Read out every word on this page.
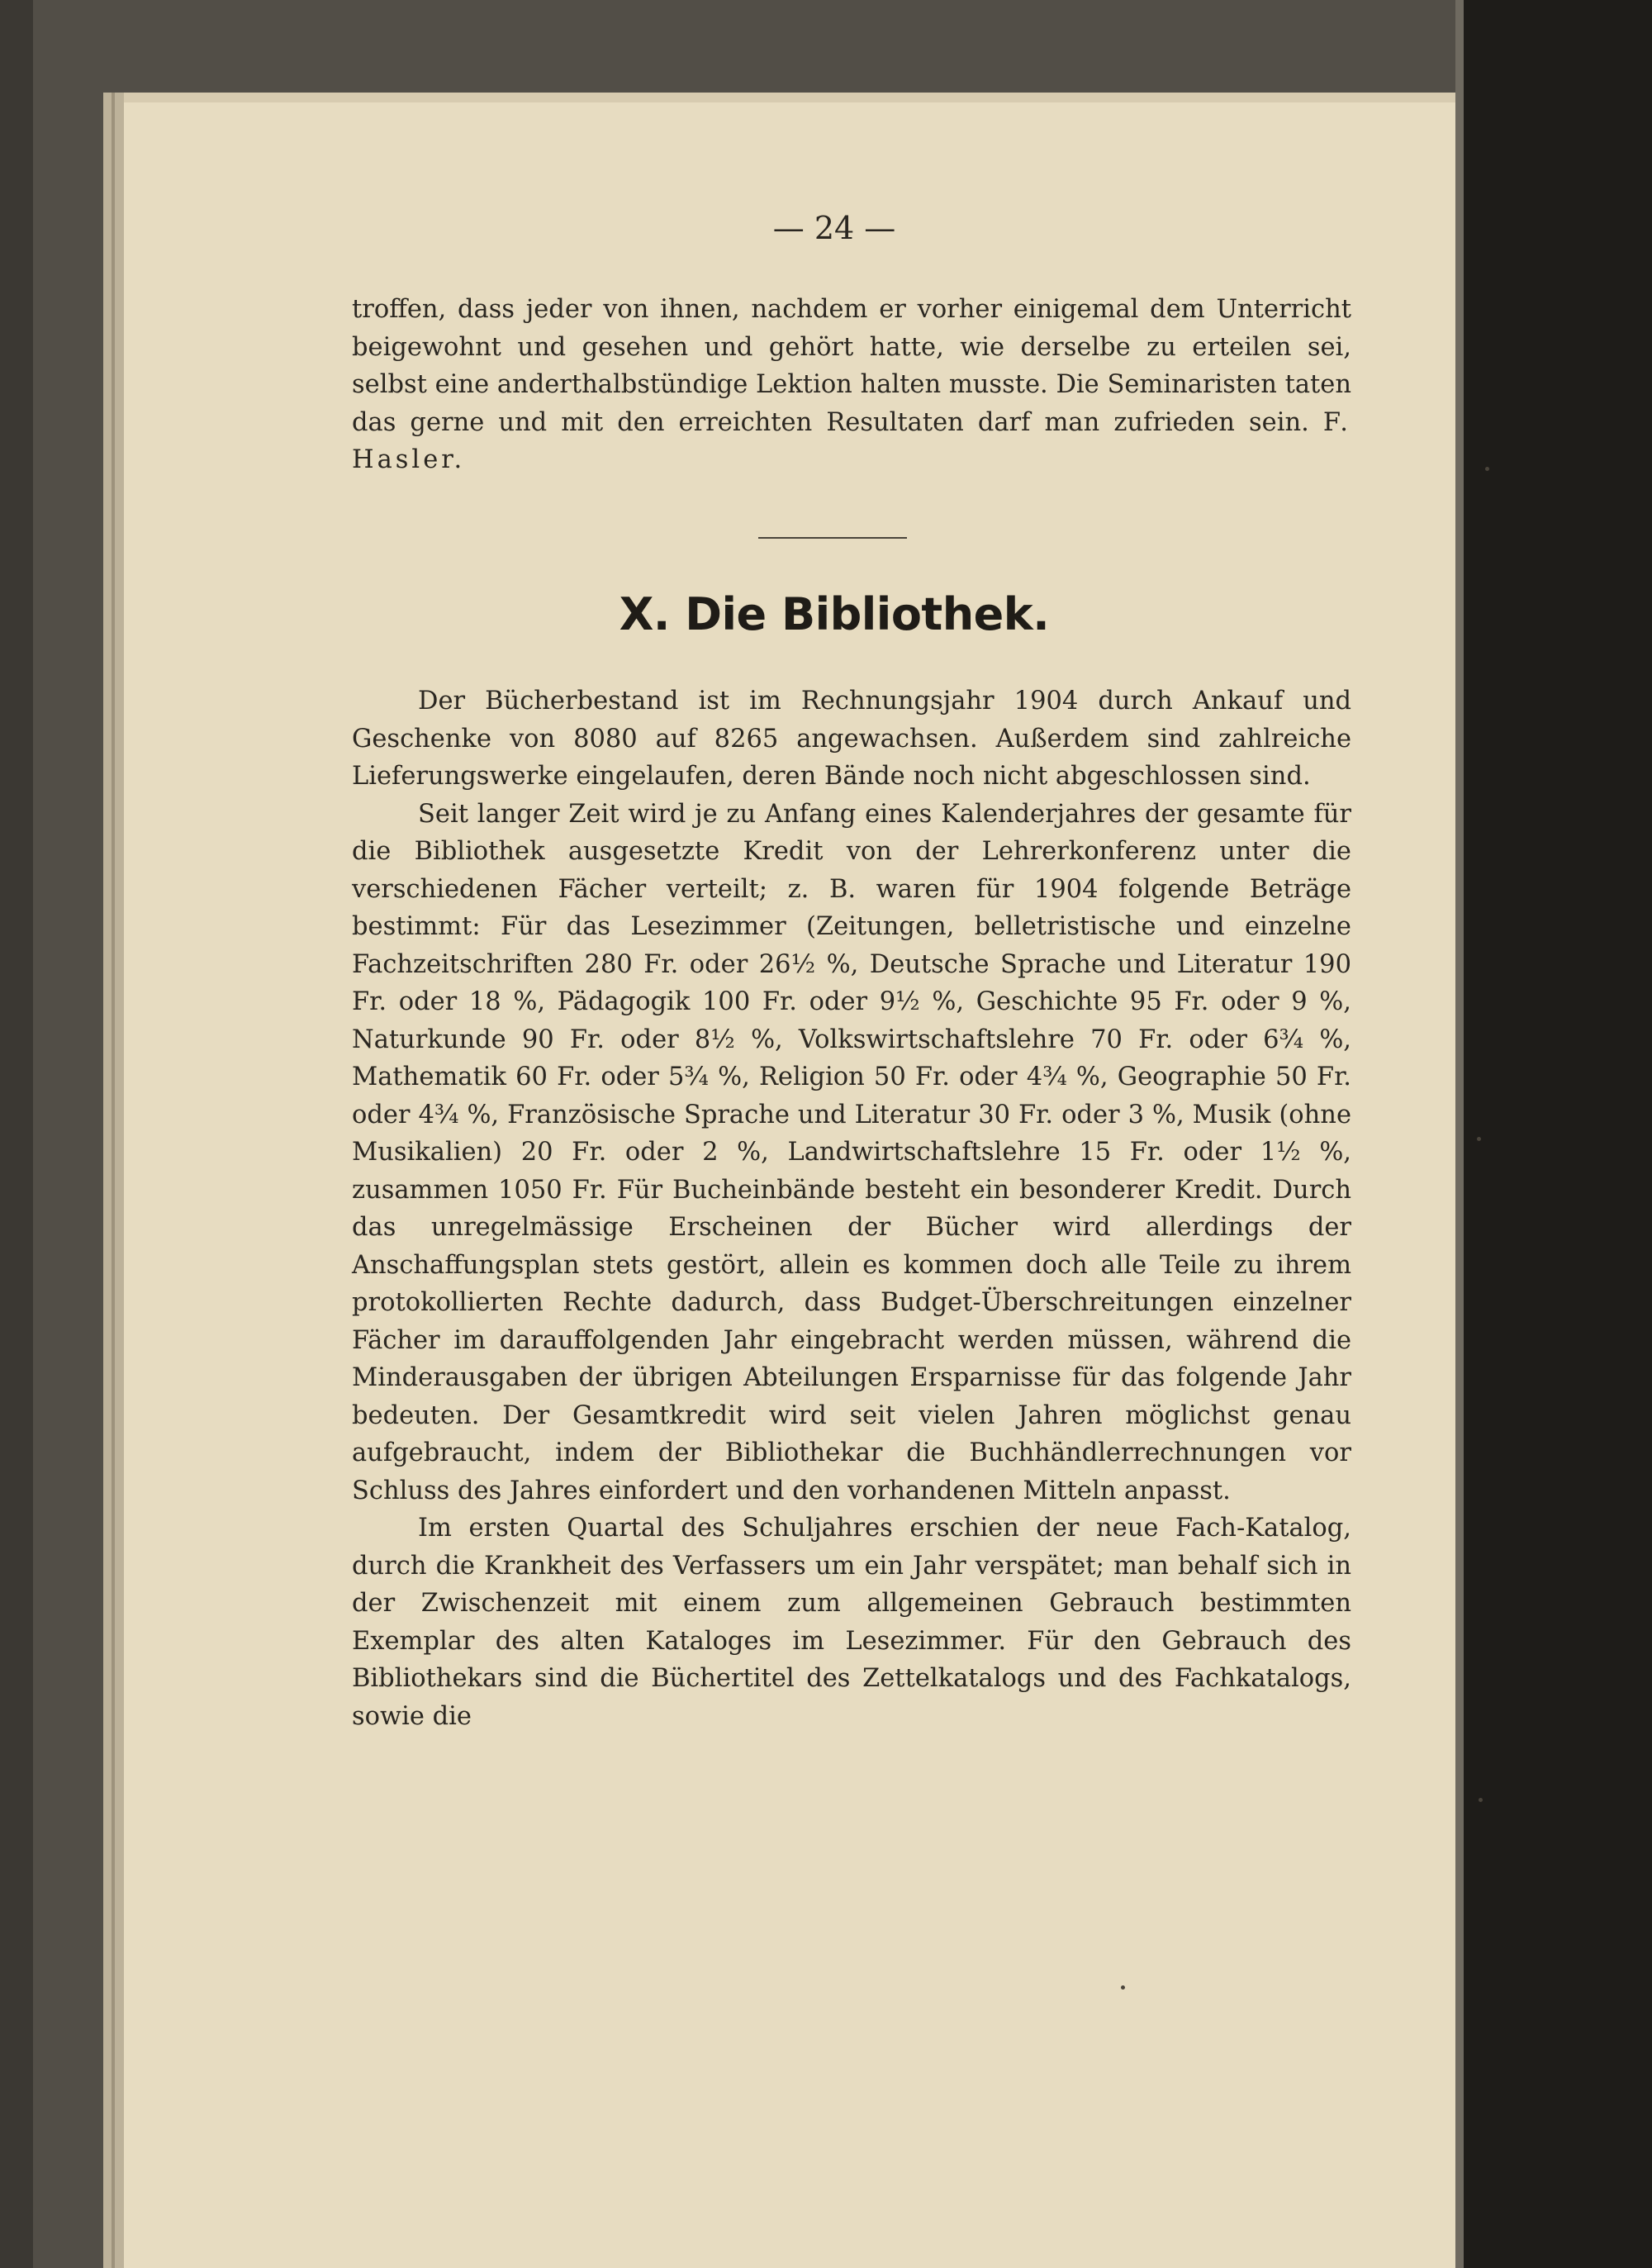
— 24 —

troffen, dass jeder von ihnen, nachdem er vorher einigemal dem Unterricht beigewohnt und gesehen und gehört hatte, wie derselbe zu erteilen sei, selbst eine anderthalbstündige Lektion halten musste. Die Seminaristen taten das gerne und mit den erreichten Resultaten darf man zufrieden sein. F. Hasler.

X. Die Bibliothek.

Der Bücherbestand ist im Rechnungsjahr 1904 durch Ankauf und Geschenke von 8080 auf 8265 angewachsen. Außerdem sind zahlreiche Lieferungswerke eingelaufen, deren Bände noch nicht abgeschlossen sind.

Seit langer Zeit wird je zu Anfang eines Kalenderjahres der gesamte für die Bibliothek ausgesetzte Kredit von der Lehrerkonferenz unter die verschiedenen Fächer verteilt; z. B. waren für 1904 folgende Beträge bestimmt: Für das Lesezimmer (Zeitungen, belletristische und einzelne Fachzeitschriften 280 Fr. oder 26½ %, Deutsche Sprache und Literatur 190 Fr. oder 18 %, Pädagogik 100 Fr. oder 9½ %, Geschichte 95 Fr. oder 9 %, Naturkunde 90 Fr. oder 8½ %, Volkswirtschaftslehre 70 Fr. oder 6¾ %, Mathematik 60 Fr. oder 5¾ %, Religion 50 Fr. oder 4¾ %, Geographie 50 Fr. oder 4¾ %, Französische Sprache und Literatur 30 Fr. oder 3 %, Musik (ohne Musikalien) 20 Fr. oder 2 %, Landwirtschaftslehre 15 Fr. oder 1½ %, zusammen 1050 Fr. Für Bucheinbände besteht ein besonderer Kredit. Durch das unregelmässige Erscheinen der Bücher wird allerdings der Anschaffungsplan stets gestört, allein es kommen doch alle Teile zu ihrem protokollierten Rechte dadurch, dass Budget-Überschreitungen einzelner Fächer im darauffolgenden Jahr eingebracht werden müssen, während die Minderausgaben der übrigen Abteilungen Ersparnisse für das folgende Jahr bedeuten. Der Gesamtkredit wird seit vielen Jahren möglichst genau aufgebraucht, indem der Bibliothekar die Buchhändlerrechnungen vor Schluss des Jahres einfordert und den vorhandenen Mitteln anpasst.

Im ersten Quartal des Schuljahres erschien der neue Fach-Katalog, durch die Krankheit des Verfassers um ein Jahr verspätet; man behalf sich in der Zwischenzeit mit einem zum allgemeinen Gebrauch bestimmten Exemplar des alten Kataloges im Lesezimmer. Für den Gebrauch des Bibliothekars sind die Büchertitel des Zettelkatalogs und des Fachkatalogs, sowie die
